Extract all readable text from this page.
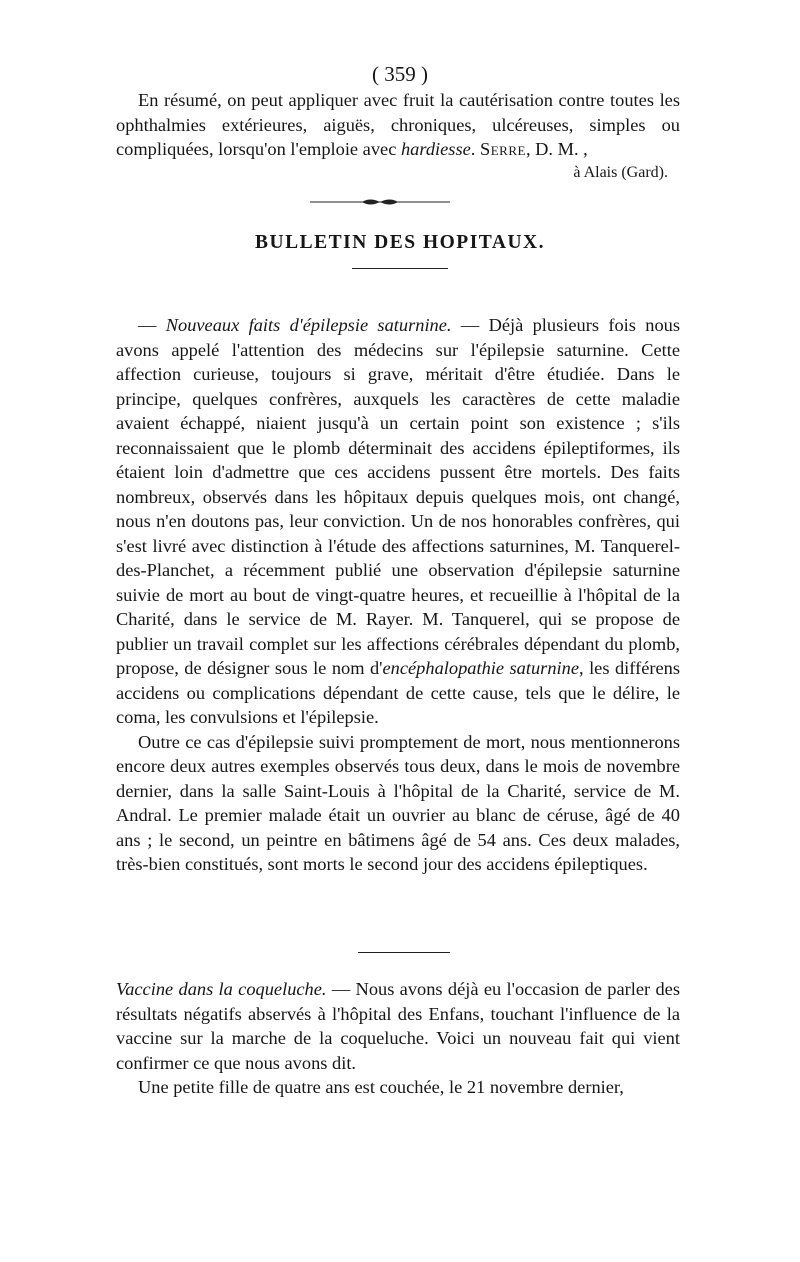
( 359 )

En résumé, on peut appliquer avec fruit la cautérisation contre toutes les ophthalmies extérieures, aiguës, chroniques, ulcéreuses, simples ou compliquées, lorsqu'on l'emploie avec hardiesse. Serre, D. M. ,

à Alais (Gard).

BULLETIN DES HOPITAUX.

— Nouveaux faits d'épilepsie saturnine. — Déjà plusieurs fois nous avons appelé l'attention des médecins sur l'épilepsie saturnine. Cette affection curieuse, toujours si grave, méritait d'être étudiée. Dans le principe, quelques confrères, auxquels les caractères de cette maladie avaient échappé, niaient jusqu'à un certain point son existence ; s'ils reconnaissaient que le plomb déterminait des accidens épileptiformes, ils étaient loin d'admettre que ces accidens pussent être mortels. Des faits nombreux, observés dans les hôpitaux depuis quelques mois, ont changé, nous n'en doutons pas, leur conviction. Un de nos honorables confrères, qui s'est livré avec distinction à l'étude des affections saturnines, M. Tanquerel-des-Planchet, a récemment publié une observation d'épilepsie saturnine suivie de mort au bout de vingt-quatre heures, et recueillie à l'hôpital de la Charité, dans le service de M. Rayer. M. Tanquerel, qui se propose de publier un travail complet sur les affections cérébrales dépendant du plomb, propose, de désigner sous le nom d'encéphalopathie saturnine, les différens accidens ou complications dépendant de cette cause, tels que le délire, le coma, les convulsions et l'épilepsie.

Outre ce cas d'épilepsie suivi promptement de mort, nous mentionnerons encore deux autres exemples observés tous deux, dans le mois de novembre dernier, dans la salle Saint-Louis à l'hôpital de la Charité, service de M. Andral. Le premier malade était un ouvrier au blanc de céruse, âgé de 40 ans ; le second, un peintre en bâtimens âgé de 54 ans. Ces deux malades, très-bien constitués, sont morts le second jour des accidens épileptiques.

Vaccine dans la coqueluche. — Nous avons déjà eu l'occasion de parler des résultats négatifs abservés à l'hôpital des Enfans, touchant l'influence de la vaccine sur la marche de la coqueluche. Voici un nouveau fait qui vient confirmer ce que nous avons dit.

Une petite fille de quatre ans est couchée, le 21 novembre dernier,
